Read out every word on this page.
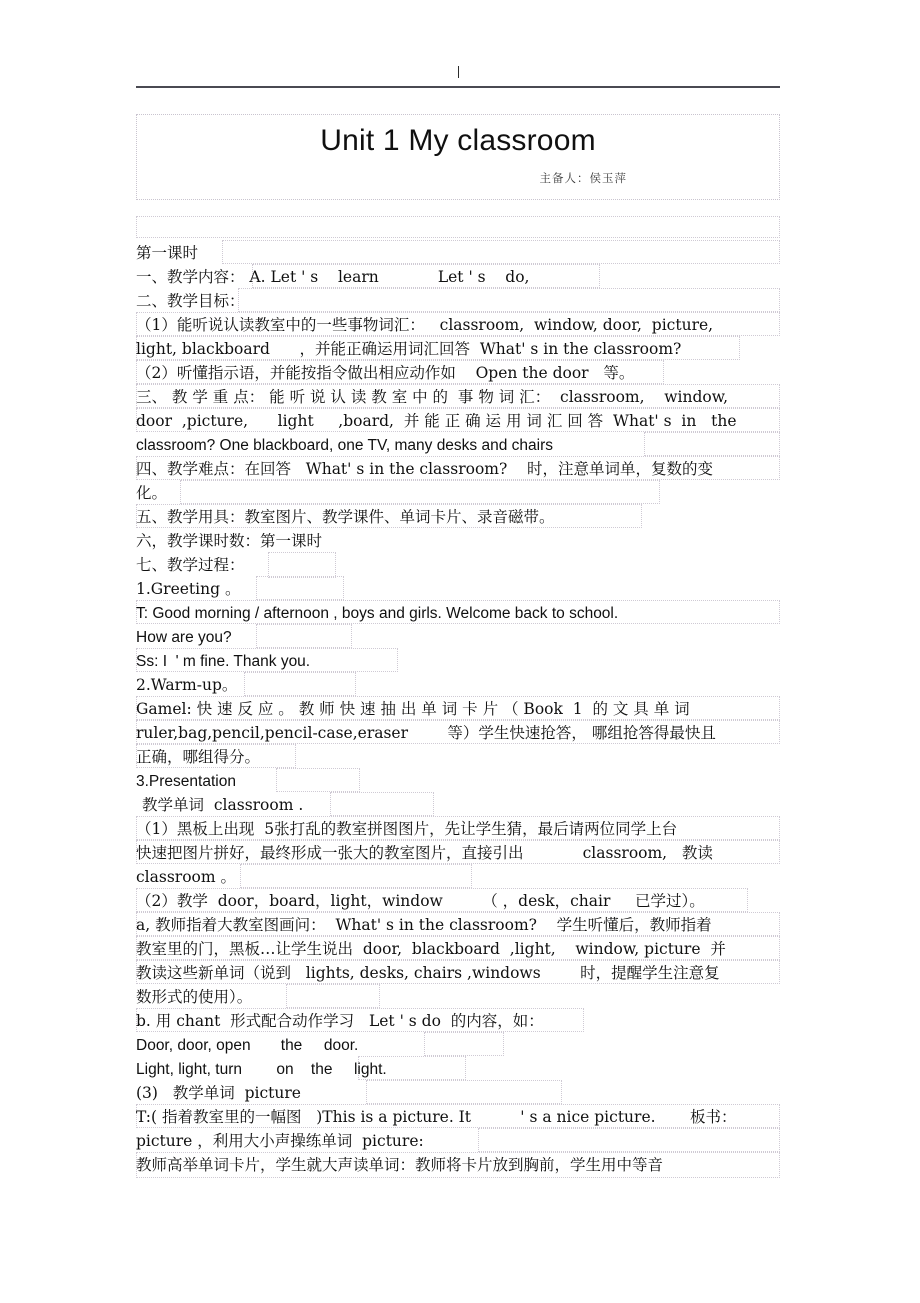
Unit 1 My classroom
主备人：侯玉萍
第一课时
一、教学内容： A. Let ' s    learn            Let ' s    do,
二、教学目标：
（1）能听说认读教室中的一些事物词汇：   classroom,  window, door,  picture,
light, blackboard      ，并能正确运用词汇回答  What' s in the classroom?
（2）听懂指示语，并能按指令做出相应动作如    Open the door   等。
三、 教 学 重 点： 能 听 说 认 读 教 室 中 的  事 物 词 汇：  classroom,    window,
door  ,picture,      light     ,board,  并 能 正 确 运 用 词 汇 回 答  What' s  in   the
classroom? One blackboard, one TV, many desks and chairs
四、教学难点：在回答   What' s in the classroom?    时，注意单词单，复数的变
化。
五、教学用具：教室图片、教学课件、单词卡片、录音磁带。
六，教学课时数：第一课时
七、教学过程：
1.Greeting 。
T: Good morning / afternoon , boys and girls. Welcome back to school.
How are you?
Ss: I  ' m fine. Thank you.
2.Warm-up。
Gamel: 快 速 反 应 。 教 师 快 速 抽 出 单 词 卡 片 （ Book  1  的 文 具 单 词
ruler,bag,pencil,pencil-case,eraser        等）学生快速抢答， 哪组抢答得最快且
正确，哪组得分。
3.Presentation
教学单词  classroom .
（1）黑板上出现  5张打乱的教室拼图图片，先让学生猜，最后请两位同学上台
快速把图片拼好，最终形成一张大的教室图片，直接引出            classroom,   教读
classroom 。
（2）教学  door，board，light，window        （ ，desk，chair     已学过）。
a, 教师指着大教室图画问：  What' s in the classroom?    学生听懂后，教师指着
教室里的门，黑板…让学生说出  door,  blackboard  ,light,    window, picture  并
教读这些新单词（说到   lights, desks, chairs ,windows        时，提醒学生注意复
数形式的使用）。
b. 用 chant  形式配合动作学习   Let ' s do  的内容，如：
Door, door, open       the     door.
Light, light, turn        on    the     light.
(3)   教学单词  picture
T:( 指着教室里的一幅图   )This is a picture. It          ' s a nice picture.       板书：
picture ，利用大小声操练单词  picture:
教师高举单词卡片，学生就大声读单词：教师将卡片放到胸前，学生用中等音
